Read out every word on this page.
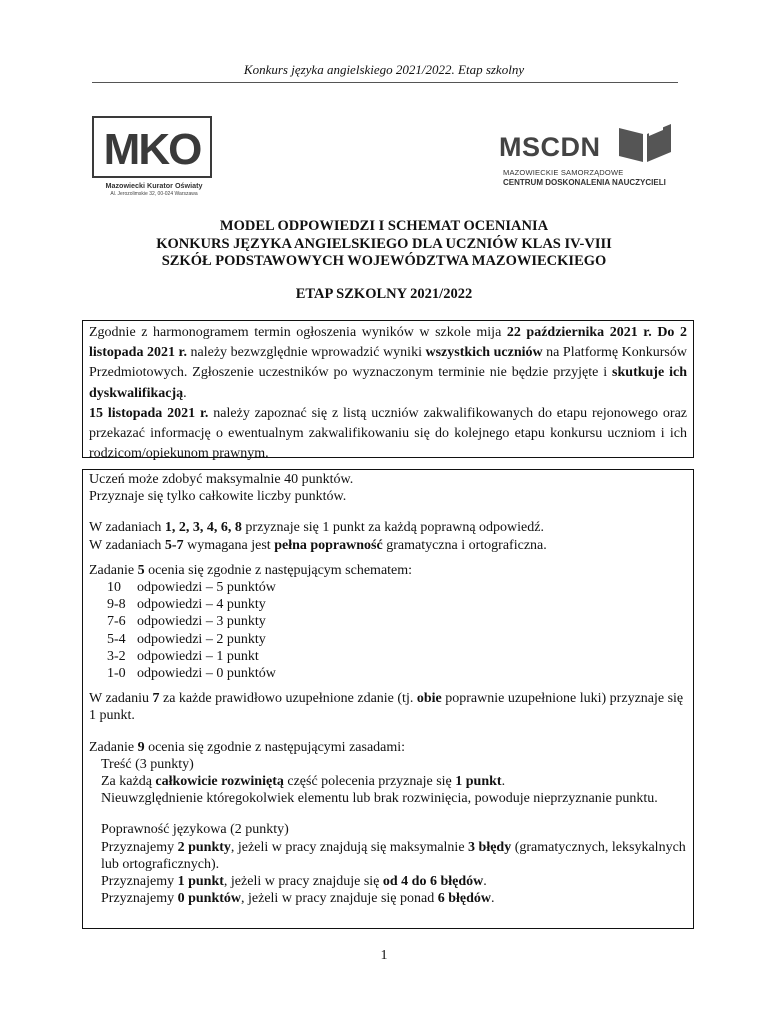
Konkurs języka angielskiego 2021/2022. Etap szkolny
MKO
Mazowiecki Kurator Oświaty
Al. Jerozolimskie 32, 00-024 Warszawa
MSCDN
MAZOWIECKIE SAMORZĄDOWE
CENTRUM DOSKONALENIA NAUCZYCIELI
MODEL ODPOWIEDZI I SCHEMAT OCENIANIA
KONKURS JĘZYKA ANGIELSKIEGO DLA UCZNIÓW KLAS IV-VIII
SZKÓŁ PODSTAWOWYCH WOJEWÓDZTWA MAZOWIECKIEGO
ETAP SZKOLNY 2021/2022

Zgodnie z harmonogramem termin ogłoszenia wyników w szkole mija 22 października 2021 r. Do 2 listopada 2021 r. należy bezwzględnie wprowadzić wyniki wszystkich uczniów na Platformę Konkursów Przedmiotowych. Zgłoszenie uczestników po wyznaczonym terminie nie będzie przyjęte i skutkuje ich dyskwalifikacją.

15 listopada 2021 r. należy zapoznać się z listą uczniów zakwalifikowanych do etapu rejonowego oraz przekazać informację o ewentualnym zakwalifikowaniu się do kolejnego etapu konkursu uczniom i ich rodzicom/opiekunom prawnym.

Uczeń może zdobyć maksymalnie 40 punktów.

Przyznaje się tylko całkowite liczby punktów.

W zadaniach 1, 2, 3, 4, 6, 8 przyznaje się 1 punkt za każdą poprawną odpowiedź.

W zadaniach 5-7 wymagana jest pełna poprawność gramatyczna i ortograficzna.

Zadanie 5 ocenia się zgodnie z następującym schematem:

10	odpowiedzi – 5 punktów
9-8 odpowiedzi – 4 punkty
7-6 odpowiedzi – 3 punkty
5-4 odpowiedzi – 2 punkty
3-2 odpowiedzi – 1 punkt
1-0 odpowiedzi – 0 punktów

W zadaniu 7 za każde prawidłowo uzupełnione zdanie (tj. obie poprawnie uzupełnione luki) przyznaje się 1 punkt.

Zadanie 9 ocenia się zgodnie z następującymi zasadami:

Treść (3 punkty)

Za każdą całkowicie rozwiniętą część polecenia przyznaje się 1 punkt.

Nieuwzględnienie któregokolwiek elementu lub brak rozwinięcia, powoduje nieprzyznanie punktu.

Poprawność językowa (2 punkty)

Przyznajemy 2 punkty, jeżeli w pracy znajdują się maksymalnie 3 błędy (gramatycznych, leksykalnych lub ortograficznych).

Przyznajemy 1 punkt, jeżeli w pracy znajduje się od 4 do 6 błędów.

Przyznajemy 0 punktów, jeżeli w pracy znajduje się ponad 6 błędów.

1
